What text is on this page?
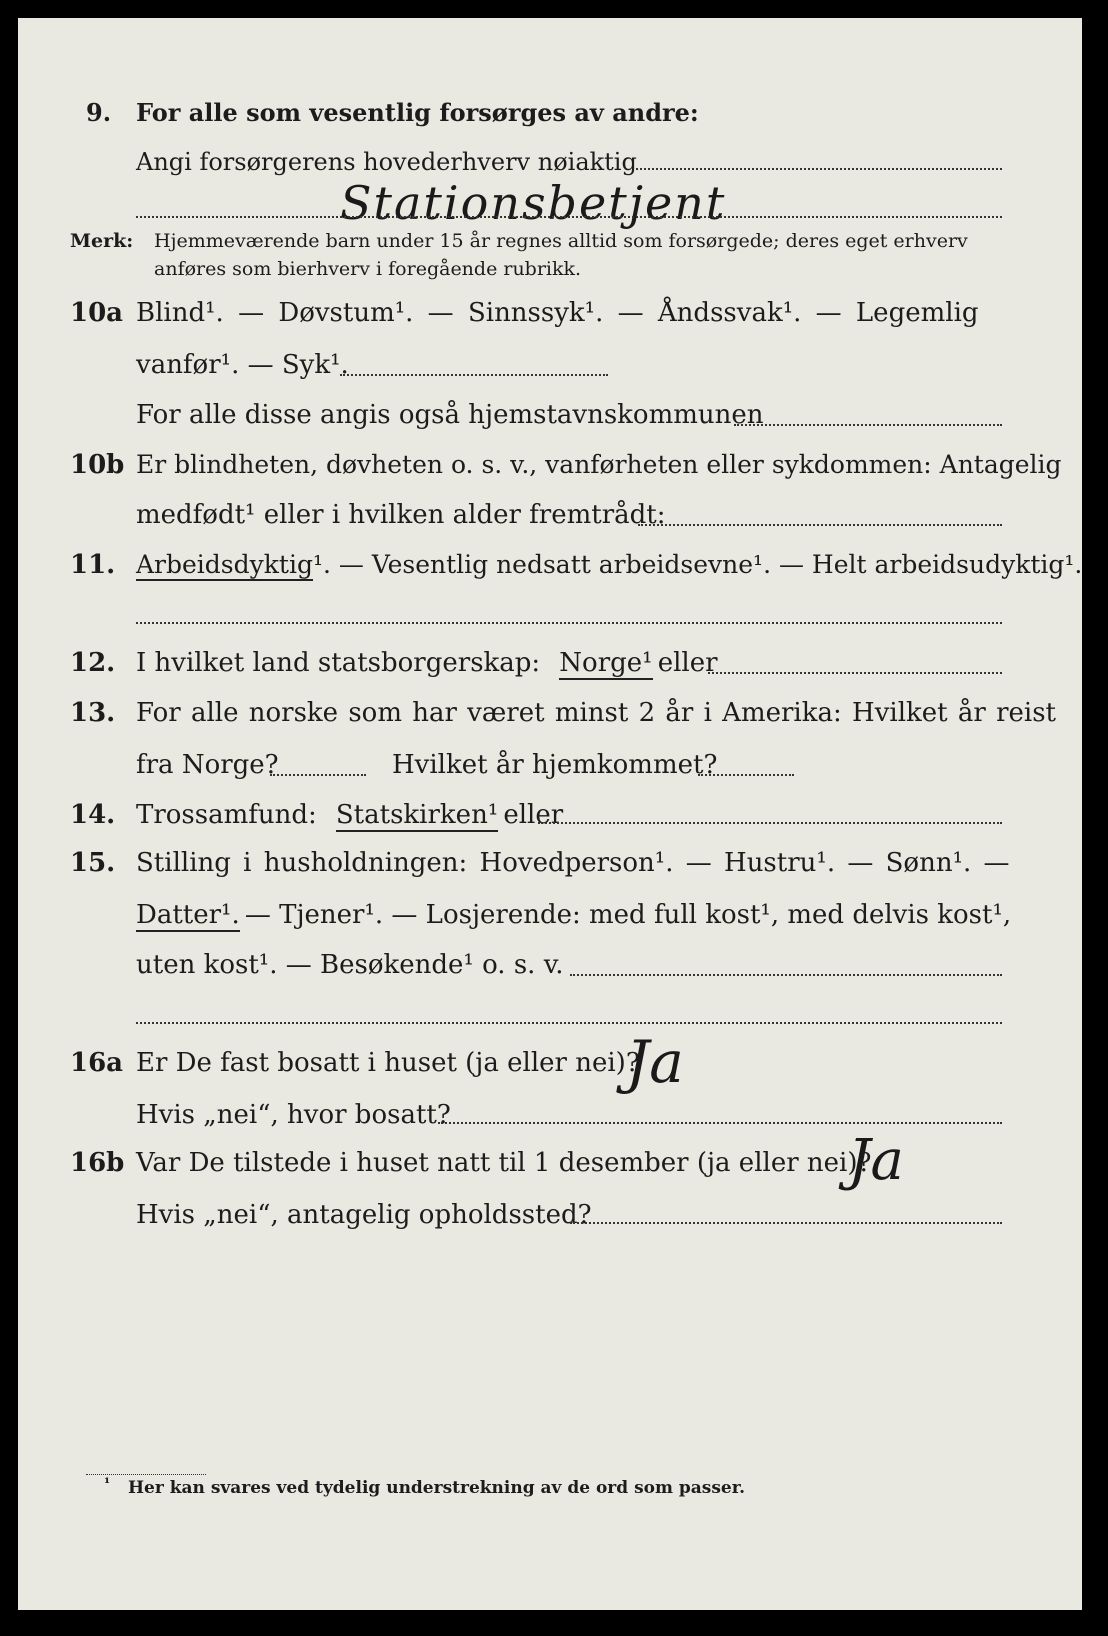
9. For alle som vesentlig forsørges av andre:
Angi forsørgerens hovederhverv nøiaktig
Stationsbetjent
Merk: Hjemmeværende barn under 15 år regnes alltid som forsørgede; deres eget erhverv
anføres som bierhverv i foregående rubrikk.
10a Blind¹. — Døvstum¹. — Sinnssyk¹. — Åndssvak¹. — Legemlig
vanfør¹. — Syk¹.
For alle disse angis også hjemstavnskommunen
10b Er blindheten, døvheten o. s. v., vanførheten eller sykdommen: Antagelig
medfødt¹ eller i hvilken alder fremtrådt:
11. Arbeidsdyktig¹. — Vesentlig nedsatt arbeidsevne¹. — Helt arbeidsudyktig¹.
12. I hvilket land statsborgerskap: Norge¹ eller
13. For alle norske som har været minst 2 år i Amerika: Hvilket år reist
fra Norge?	Hvilket år hjemkommet?
14. Trossamfund: Statskirken¹ eller
15. Stilling i husholdningen: Hovedperson¹. — Hustru¹. — Sønn¹. —
Datter¹. — Tjener¹. — Losjerende: med full kost¹, med delvis kost¹,
uten kost¹. — Besøkende¹ o. s. v.
16a Er De fast bosatt i huset (ja eller nei)?
Ja
Hvis „nei“, hvor bosatt?
16b Var De tilstede i huset natt til 1 desember (ja eller nei)?
Ja
Hvis „nei“, antagelig opholdssted?
¹ Her kan svares ved tydelig understrekning av de ord som passer.
